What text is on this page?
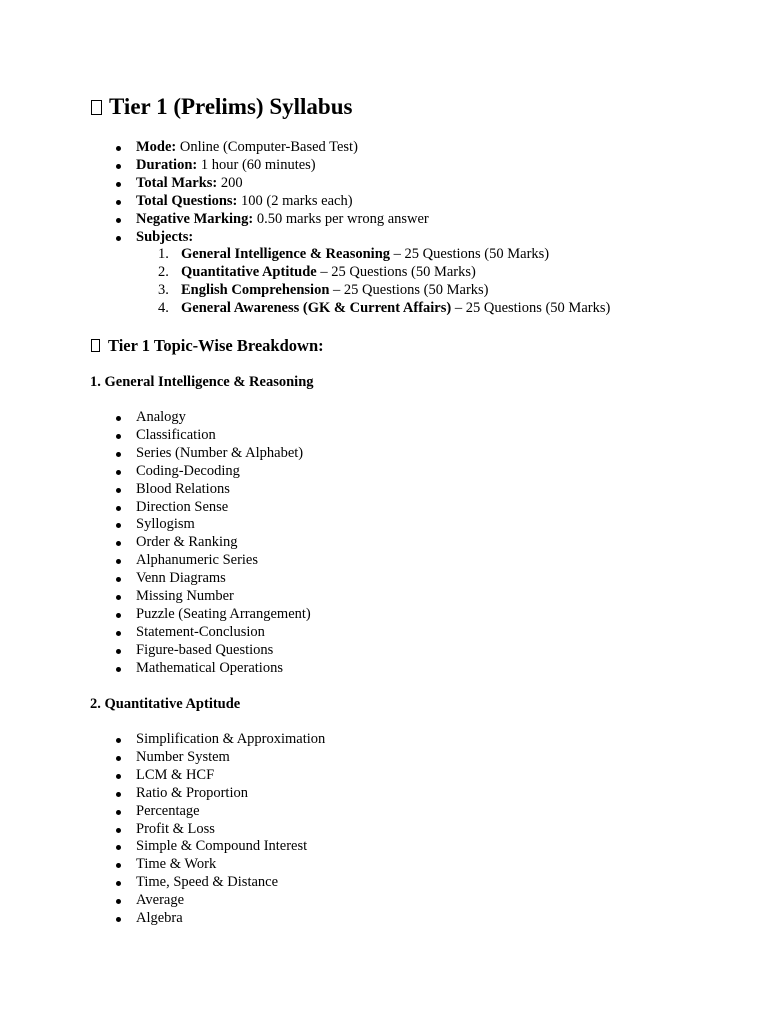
Tier 1 (Prelims) Syllabus
Mode: Online (Computer-Based Test)
Duration: 1 hour (60 minutes)
Total Marks: 200
Total Questions: 100 (2 marks each)
Negative Marking: 0.50 marks per wrong answer
Subjects:
1. General Intelligence & Reasoning – 25 Questions (50 Marks)
2. Quantitative Aptitude – 25 Questions (50 Marks)
3. English Comprehension – 25 Questions (50 Marks)
4. General Awareness (GK & Current Affairs) – 25 Questions (50 Marks)
Tier 1 Topic-Wise Breakdown:
1. General Intelligence & Reasoning
Analogy
Classification
Series (Number & Alphabet)
Coding-Decoding
Blood Relations
Direction Sense
Syllogism
Order & Ranking
Alphanumeric Series
Venn Diagrams
Missing Number
Puzzle (Seating Arrangement)
Statement-Conclusion
Figure-based Questions
Mathematical Operations
2. Quantitative Aptitude
Simplification & Approximation
Number System
LCM & HCF
Ratio & Proportion
Percentage
Profit & Loss
Simple & Compound Interest
Time & Work
Time, Speed & Distance
Average
Algebra
